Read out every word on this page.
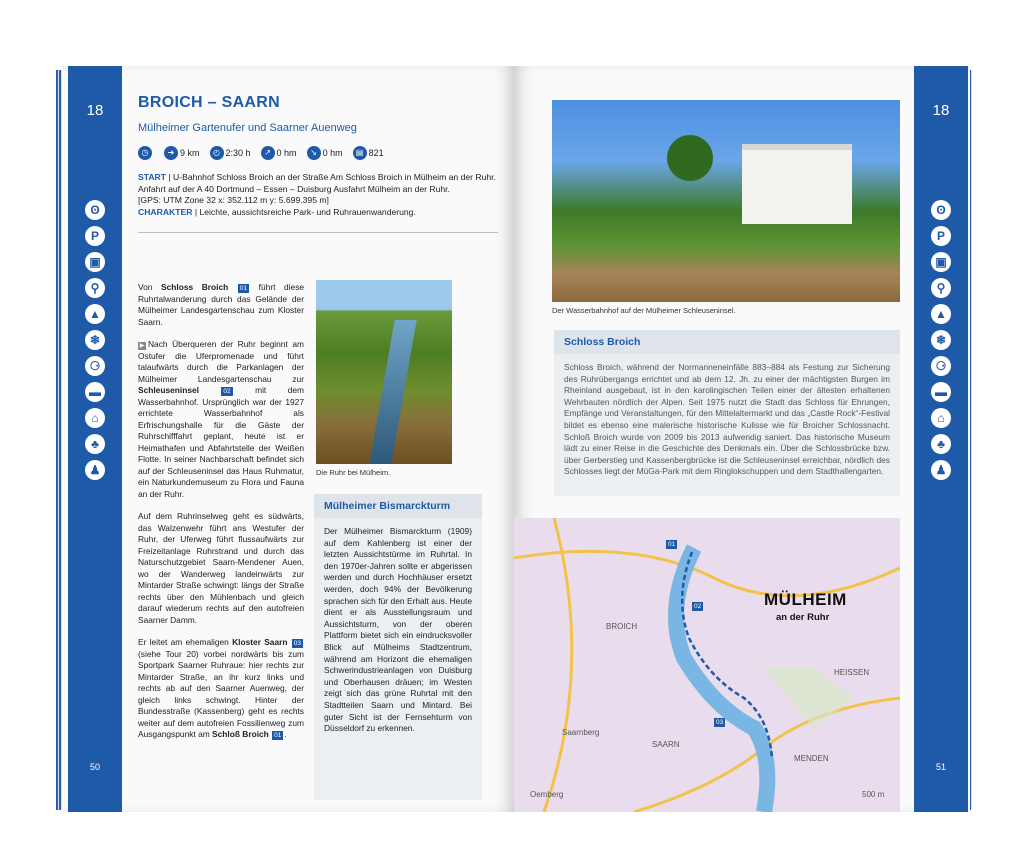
18
ʘ
P
▣
⚲
▲
❄
⚆
▬
⌂
♣
♟
50
BROICH – SAARN
Mülheimer Gartenufer und Saarner Auenweg
◷	➜ 9 km	◴ 2:30 h	↗ 0 hm	↘ 0 hm	▤ 821
START | U-Bahnhof Schloss Broich an der Straße Am Schloss Broich in Mülheim an der Ruhr. Anfahrt auf der A 40 Dortmund – Essen – Duisburg Ausfahrt Mülheim an der Ruhr.
[GPS: UTM Zone 32 x: 352.112 m y: 5.699.395 m]
CHARAKTER | Leichte, aussichtsreiche Park- und Ruhrauenwanderung.

Von Schloss Broich 01 führt diese Ruhrtalwanderung durch das Gelände der Mülheimer Landesgartenschau zum Kloster Saarn.

▶ Nach Überqueren der Ruhr beginnt am Ostufer die Uferpromenade und führt talaufwärts durch die Parkanlagen der Mülheimer Landesgartenschau zur Schleuseninsel	02 mit dem Wasserbahnhof. Ursprünglich war der 1927 errichtete Wasserbahnhof als Erfrischungshalle für die Gäste der Ruhrschifffahrt geplant, heute ist er Heimathafen und Abfahrtstelle der Weißen Flotte. In seiner Nachbarschaft befindet sich auf der Schleuseninsel das Haus Ruhrnatur, ein Naturkundemuseum zu Flora und Fauna an der Ruhr.

Auf dem Ruhrinselweg geht es südwärts, das Walzenwehr führt ans Westufer der Ruhr, der Uferweg führt flussaufwärts zur Freizeitanlage Ruhrstrand und durch das Naturschutzgebiet Saarn-Mendener Auen, wo der Wanderweg landeinwärts zur Mintarder Straße schwingt: längs der Straße rechts über den Mühlenbach und gleich darauf wiederum rechts auf den autofreien Saarner Damm.

Er leitet am ehemaligen Kloster Saarn 03 (siehe Tour 20) vorbei nordwärts bis zum Sportpark Saarner Ruhraue: hier rechts zur Mintarder Straße, an ihr kurz links und rechts ab auf den Saarner Auenweg, der gleich links schwingt. Hinter der Bundesstraße (Kassenberg) geht es rechts weiter auf dem autofreien Fossilienweg zum Ausgangspunkt am Schloß Broich 01 .

Die Ruhr bei Mülheim.
Mülheimer Bismarckturm
Der Mülheimer Bismarckturm (1909) auf dem Kahlenberg ist einer der letzten Aussichtstürme im Ruhrtal. In den 1970er-Jahren sollte er abgerissen werden und durch Hochhäuser ersetzt werden, doch 94% der Bevölkerung sprachen sich für den Erhalt aus. Heute dient er als Ausstellungsraum und Aussichtsturm, von der oberen Plattform bietet sich ein eindrucksvoller Blick auf Mülheims Stadtzentrum, während am Horizont die ehemaligen Schwerindustrieanlagen von Duisburg und Oberhausen dräuen; im Westen zeigt sich das grüne Ruhrtal mit den Stadtteilen Saarn und Mintard. Bei guter Sicht ist der Fernsehturm von Düsseldorf zu erkennen.
Der Wasserbahnhof auf der Mülheimer Schleuseninsel.
Schloss Broich
Schloss Broich, während der Normanneneinfälle 883–884 als Festung zur Sicherung des Ruhrübergangs errichtet und ab dem 12. Jh. zu einer der mächtigsten Burgen im Rheinland ausgebaut, ist in den karolingischen Teilen einer der ältesten erhaltenen Wehrbauten nördlich der Alpen. Seit 1975 nutzt die Stadt das Schloss für Ehrungen, Empfänge und Veranstaltungen, für den Mittelaltermarkt und das „Castle Rock“-Festival bildet es ebenso eine malerische historische Kulisse wie für Broicher Schlossnacht. Schloß Broich wurde von 2009 bis 2013 aufwendig saniert. Das historische Museum lädt zu einer Reise in die Geschichte des Denkmals ein. Über die Schlossbrücke bzw. über Gerberstieg und Kassenbergbrücke ist die Schleuseninsel erreichbar, nördlich des Schlosses liegt der MüGa-Park mit dem Ringlokschuppen und dem Stadthallengarten.
MÜLHEIM
an der Ruhr
BROICH
HEISSEN
Saarnberg
SAARN
MENDEN
Oemberg	500 m
01
02
03
18
ʘ
P
▣
⚲
▲
❄
⚆
▬
⌂
♣
♟
51
